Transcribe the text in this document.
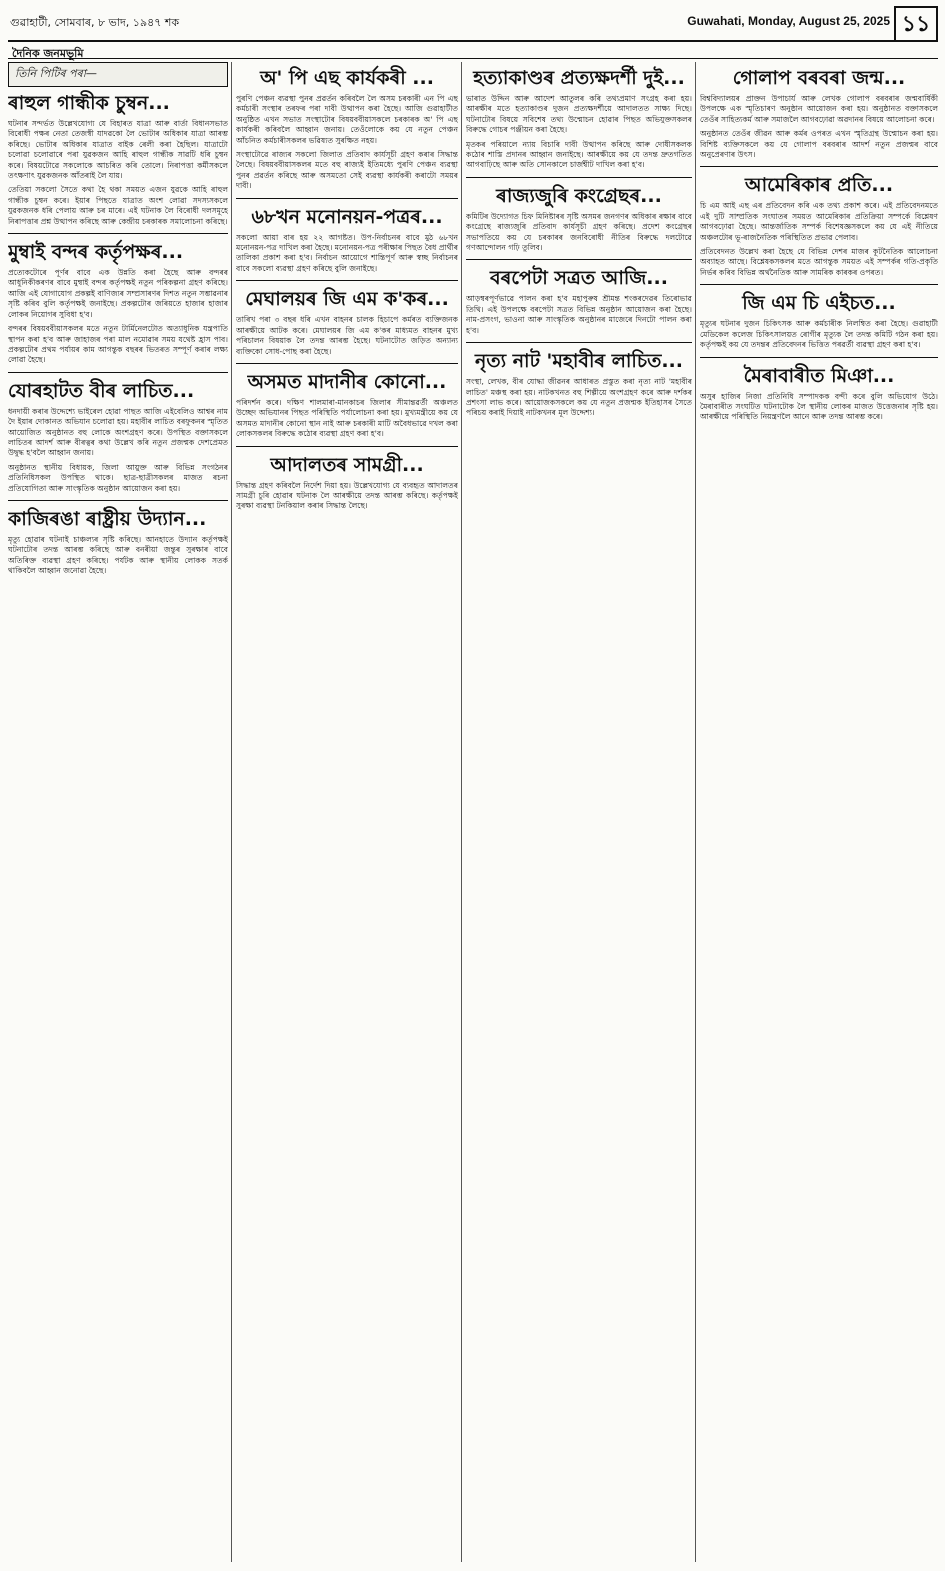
গুৱাহাটী, সোমবাৰ, ৮ ভাদ, ১৯৪৭ শক	Guwahati, Monday, August 25, 2025 ১১
দৈনিক জনমভূমি
তিনি পিটিৰ পৰা—
ৰাহুল গান্ধীক চুম্বন...

ঘটনাৰ সন্দৰ্ভত উল্লেখযোগ্য যে বিহাৰত যাত্ৰা আৰু বাৰ্তা বিধানসভাত বিৰোধী পক্ষৰ নেতা তেজস্বী যাদৱকো লৈ ভোটাৰ অধিকাৰ যাত্ৰা আৰম্ভ কৰিছে। ভোটাৰ অধিকাৰ যাত্ৰাত বাইক ৰেলী কৰা হৈছিল। যাত্ৰাটো চলোৱা চলোৱাৰে পৰা যুৱকজন আহি ৰাহুল গান্ধীক সাৱটি ধৰি চুম্বন কৰে। বিষয়টোৱে সকলোকে আচৰিত কৰি তোলে। নিৰাপত্তা কৰ্মীসকলে তৎক্ষণাৎ যুৱকজনক আঁতৰাই লৈ যায়।

তেতিয়া সকলো সৈতে কথা হৈ থকা সময়ত এজন যুৱকে আহি ৰাহুল গান্ধীক চুম্বন কৰে। ইয়াৰ পিছতে যাত্ৰাত অংশ লোৱা সদস্যসকলে যুৱকজনক ধৰি পেলায় আৰু চৰ মাৰে। এই ঘটনাক লৈ বিৰোধী দলসমূহে নিৰাপত্তাৰ প্ৰশ্ন উত্থাপন কৰিছে আৰু কেন্দ্ৰীয় চৰকাৰক সমালোচনা কৰিছে।

মুম্বাই বন্দৰ কৰ্তৃপক্ষৰ...

প্ৰত্যেকটোৰে পূৰ্ণৰ বাবে এক উন্নতি কৰা হৈছে আৰু বন্দৰৰ আধুনিকীকৰণৰ বাবে মুম্বাই বন্দৰ কৰ্তৃপক্ষই নতুন পৰিকল্পনা গ্ৰহণ কৰিছে। আজি এই যোগাযোগ প্ৰকল্পই বাণিজ্যৰ সম্প্ৰসাৰণৰ দিশত নতুন সম্ভাৱনাৰ সৃষ্টি কৰিব বুলি কৰ্তৃপক্ষই জনাইছে। প্ৰকল্পটোৰ জৰিয়তে হাজাৰ হাজাৰ লোকৰ নিয়োগৰ সুবিধা হ'ব।

বন্দৰৰ বিষয়ববীয়াসকলৰ মতে নতুন টাৰ্মিনেলটোত অত্যাধুনিক যন্ত্ৰপাতি স্থাপন কৰা হ'ব আৰু জাহাজৰ পৰা মাল নমোৱাৰ সময় যথেষ্ট হ্ৰাস পাব। প্ৰকল্পটোৰ প্ৰথম পৰ্যায়ৰ কাম আগন্তুক বছৰৰ ভিতৰত সম্পূৰ্ণ কৰাৰ লক্ষ্য লোৱা হৈছে।

যোৰহাটত বীৰ লাচিত...

ধনদায়ী কৰাৰ উদ্দেশ্যে ভাইৰেল হোৱা পাছত আজি এইবেলিও আশ্বৰ নাম দৈ ইয়াৰ দোকানত অভিযান চলোৱা হয়। মহাবীৰ লাচিত বৰফুকনৰ স্মৃতিত আয়োজিত অনুষ্ঠানত বহু লোকে অংশগ্ৰহণ কৰে। উপস্থিত বক্তাসকলে লাচিতৰ আদৰ্শ আৰু বীৰত্বৰ কথা উল্লেখ কৰি নতুন প্ৰজন্মক দেশপ্ৰেমত উদ্বুদ্ধ হ'বলৈ আহ্বান জনায়।

অনুষ্ঠানত স্থানীয় বিধায়ক, জিলা আয়ুক্ত আৰু বিভিন্ন সংগঠনৰ প্ৰতিনিধিসকল উপস্থিত থাকে। ছাত্ৰ-ছাত্ৰীসকলৰ মাজত ৰচনা প্ৰতিযোগিতা আৰু সাংস্কৃতিক অনুষ্ঠান আয়োজন কৰা হয়।

কাজিৰঙা ৰাষ্ট্ৰীয় উদ্যান...

মৃত্যু হোৱাৰ ঘটনাই চাঞ্চল্যৰ সৃষ্টি কৰিছে। আনহাতে উদ্যান কৰ্তৃপক্ষই ঘটনাটোৰ তদন্ত আৰম্ভ কৰিছে আৰু বনৰীয়া জন্তুৰ সুৰক্ষাৰ বাবে অতিৰিক্ত ব্যৱস্থা গ্ৰহণ কৰিছে। পৰ্যটক আৰু স্থানীয় লোকক সতৰ্ক থাকিবলৈ আহ্বান জনোৱা হৈছে।

অ' পি এছ কাৰ্যকৰী ...

পুৰণি পেঞ্চন ব্যৱস্থা পুনৰ প্ৰৱৰ্তন কৰিবলৈ লৈ অসম চৰকাৰী এন পি এছ কৰ্মচাৰী সংস্থাৰ তৰফৰ পৰা দাবী উত্থাপন কৰা হৈছে। আজি গুৱাহাটীত অনুষ্ঠিত এখন সভাত সংস্থাটোৰ বিষয়ববীয়াসকলে চৰকাৰক অ' পি এছ কাৰ্যকৰী কৰিবলৈ আহ্বান জনায়। তেওঁলোকে কয় যে নতুন পেঞ্চন আঁচনিত কৰ্মচাৰীসকলৰ ভৱিষ্যত সুৰক্ষিত নহয়।

সংস্থাটোৱে ৰাজ্যৰ সকলো জিলাত প্ৰতিবাদ কাৰ্যসূচী গ্ৰহণ কৰাৰ সিদ্ধান্ত লৈছে। বিষয়ববীয়াসকলৰ মতে বহু ৰাজ্যই ইতিমধ্যে পুৰণি পেঞ্চন ব্যৱস্থা পুনৰ প্ৰৱৰ্তন কৰিছে আৰু অসমতো সেই ব্যৱস্থা কাৰ্যকৰী কৰাটো সময়ৰ দাবী।

৬৮খন মনোনয়ন-পত্ৰৰ...

সকলো আয়া বাৰ হয় ২২ আগষ্টত। উপ-নিৰ্বাচনৰ বাবে মুঠ ৬৮খন মনোনয়ন-পত্ৰ দাখিল কৰা হৈছে। মনোনয়ন-পত্ৰ পৰীক্ষাৰ পিছত বৈধ প্ৰাৰ্থীৰ তালিকা প্ৰকাশ কৰা হ'ব। নিৰ্বাচন আয়োগে শান্তিপূৰ্ণ আৰু স্বচ্ছ নিৰ্বাচনৰ বাবে সকলো ব্যৱস্থা গ্ৰহণ কৰিছে বুলি জনাইছে।

মেঘালয়ৰ জি এম ক'কৰ...

তাৰিখ পৰা ৩ বছৰ ধৰি এখন বাহনৰ চালক হিচাপে কৰ্মৰত ব্যক্তিজনক আৰক্ষীয়ে আটক কৰে। মেঘালয়ৰ জি এম ক'কৰ মাধ্যমত বাহনৰ মুখ্য পৰিচালন বিষয়াক লৈ তদন্ত আৰম্ভ হৈছে। ঘটনাটোত জড়িত অন্যান্য ব্যক্তিকো সোধ-পোছ কৰা হৈছে।

অসমত মাদানীৰ কোনো...

পৰিদৰ্শন কৰে। দক্ষিণ শালমাৰা-মানকাচৰ জিলাৰ সীমান্তৱৰ্তী অঞ্চলত উচ্ছেদ অভিযানৰ পিছত পৰিস্থিতি পৰ্যালোচনা কৰা হয়। মুখ্যমন্ত্ৰীয়ে কয় যে অসমত মাদানীৰ কোনো স্থান নাই আৰু চৰকাৰী মাটি অবৈধভাৱে দখল কৰা লোকসকলৰ বিৰুদ্ধে কঠোৰ ব্যৱস্থা গ্ৰহণ কৰা হ'ব।

আদালতৰ সামগ্ৰী...

সিদ্ধান্ত গ্ৰহণ কৰিবলৈ নিৰ্দেশ দিয়া হয়। উল্লেখযোগ্য যে ব্যবহৃত আদালতৰ সামগ্ৰী চুৰি হোৱাৰ ঘটনাক লৈ আৰক্ষীয়ে তদন্ত আৰম্ভ কৰিছে। কৰ্তৃপক্ষই সুৰক্ষা ব্যৱস্থা টনকিয়াল কৰাৰ সিদ্ধান্ত লৈছে।

হত্যাকাণ্ডৰ প্ৰত্যক্ষদৰ্শী দুই...

ভাৰাত উদ্দিন আৰু আদেশ আতুলৰ কৰি তথ্যপ্ৰমাণ সংগ্ৰহ কৰা হয়। আৰক্ষীৰ মতে হত্যাকাণ্ডৰ দুজন প্ৰত্যক্ষদৰ্শীয়ে আদালতত সাক্ষ্য দিছে। ঘটনাটোৰ বিষয়ে সবিশেষ তথ্য উন্মোচন হোৱাৰ পিছত অভিযুক্তসকলৰ বিৰুদ্ধে গোচৰ পঞ্জীয়ন কৰা হৈছে।

মৃতকৰ পৰিয়ালে ন্যায় বিচাৰি দাবী উত্থাপন কৰিছে আৰু দোষীসকলক কঠোৰ শাস্তি প্ৰদানৰ আহ্বান জনাইছে। আৰক্ষীয়ে কয় যে তদন্ত দ্ৰুতগতিত আগবাঢ়িছে আৰু অতি সোনকালে চাৰ্জশ্বীট দাখিল কৰা হ'ব।

ৰাজ্যজুৰি কংগ্ৰেছৰ...

কমিটিৰ উদ্যোগত চিফ মিনিষ্টাৰৰ সৃষ্টি অসমৰ জনগণৰ অধিকাৰ ৰক্ষাৰ বাবে কংগ্ৰেছে ৰাজ্যজুৰি প্ৰতিবাদ কাৰ্যসূচী গ্ৰহণ কৰিছে। প্ৰদেশ কংগ্ৰেছৰ সভাপতিয়ে কয় যে চৰকাৰৰ জনবিৰোধী নীতিৰ বিৰুদ্ধে দলটোৱে গণআন্দোলন গঢ়ি তুলিব।

বৰপেটা সত্ৰত আজি...

আড়ম্বৰপূৰ্ণভাৱে পালন কৰা হ'ব মহাপুৰুষ শ্ৰীমন্ত শংকৰদেৱৰ তিৰোভাৱ তিথি। এই উপলক্ষে বৰপেটা সত্ৰত বিভিন্ন অনুষ্ঠান আয়োজন কৰা হৈছে। নাম-প্ৰসংগ, ভাওনা আৰু সাংস্কৃতিক অনুষ্ঠানৰ মাজেৰে দিনটো পালন কৰা হ'ব।

নৃত্য নাট 'মহাবীৰ লাচিত...

সংস্থা, লেখক, বীৰ যোদ্ধা জীৱনৰ আধাৰত প্ৰস্তুত কৰা নৃত্য নাট 'মহাবীৰ লাচিত' মঞ্চস্থ কৰা হয়। নাটকখনত বহু শিল্পীয়ে অংশগ্ৰহণ কৰে আৰু দৰ্শকৰ প্ৰশংসা লাভ কৰে। আয়োজকসকলে কয় যে নতুন প্ৰজন্মক ইতিহাসৰ সৈতে পৰিচয় কৰাই দিয়াই নাটকখনৰ মূল উদ্দেশ্য।

গোলাপ বৰবৰা জন্ম...

বিশ্ববিদ্যালয়ৰ প্ৰাক্তন উপাচাৰ্য আৰু লেখক গোলাপ বৰবৰাৰ জন্মবাৰ্ষিকী উপলক্ষে এক স্মৃতিচাৰণ অনুষ্ঠান আয়োজন কৰা হয়। অনুষ্ঠানত বক্তাসকলে তেওঁৰ সাহিত্যকৰ্ম আৰু সমাজলৈ আগবঢ়োৱা অৱদানৰ বিষয়ে আলোচনা কৰে।

অনুষ্ঠানত তেওঁৰ জীৱন আৰু কৰ্মৰ ওপৰত এখন স্মৃতিগ্ৰন্থ উন্মোচন কৰা হয়। বিশিষ্ট ব্যক্তিসকলে কয় যে গোলাপ বৰবৰাৰ আদৰ্শ নতুন প্ৰজন্মৰ বাবে অনুপ্ৰেৰণাৰ উৎস।

আমেৰিকাৰ প্ৰতি...

চি এম আই এছ এৰ প্ৰতিবেদন কৰি এক তথ্য প্ৰকাশ কৰে। এই প্ৰতিবেদনমতে এই দুটি সাম্প্ৰতিক সংঘাতৰ সময়ত আমেৰিকাৰ প্ৰতিক্ৰিয়া সম্পৰ্কে বিশ্লেষণ আগবঢ়োৱা হৈছে। আন্তৰ্জাতিক সম্পৰ্ক বিশেষজ্ঞসকলে কয় যে এই নীতিয়ে অঞ্চলটোৰ ভূ-ৰাজনৈতিক পৰিস্থিতিত প্ৰভাৱ পেলাব।

প্ৰতিবেদনত উল্লেখ কৰা হৈছে যে বিভিন্ন দেশৰ মাজৰ কূটনৈতিক আলোচনা অব্যাহত আছে। বিশ্লেষকসকলৰ মতে আগন্তুক সময়ত এই সম্পৰ্কৰ গতি-প্ৰকৃতি নিৰ্ভৰ কৰিব বিভিন্ন অৰ্থনৈতিক আৰু সামৰিক কাৰকৰ ওপৰত।

জি এম চি এইচত...

মৃত্যুৰ ঘটনাৰ দুজন চিকিৎসক আৰু কৰ্মচাৰীক নিলম্বিত কৰা হৈছে। গুৱাহাটী মেডিকেল কলেজ চিকিৎসালয়ত ৰোগীৰ মৃত্যুক লৈ তদন্ত কমিটি গঠন কৰা হয়। কৰ্তৃপক্ষই কয় যে তদন্তৰ প্ৰতিবেদনৰ ভিত্তিত পৰৱৰ্তী ব্যৱস্থা গ্ৰহণ কৰা হ'ব।

মৈৰাবাৰীত মিঞা...

অসুৰ হাজিৰ নিজা প্ৰতিনিধি সম্পাদকক বন্দী কৰে বুলি অভিযোগ উঠে। মৈৰাবাৰীত সংঘটিত ঘটনাটোক লৈ স্থানীয় লোকৰ মাজত উত্তেজনাৰ সৃষ্টি হয়। আৰক্ষীয়ে পৰিস্থিতি নিয়ন্ত্ৰণলৈ আনে আৰু তদন্ত আৰম্ভ কৰে।
